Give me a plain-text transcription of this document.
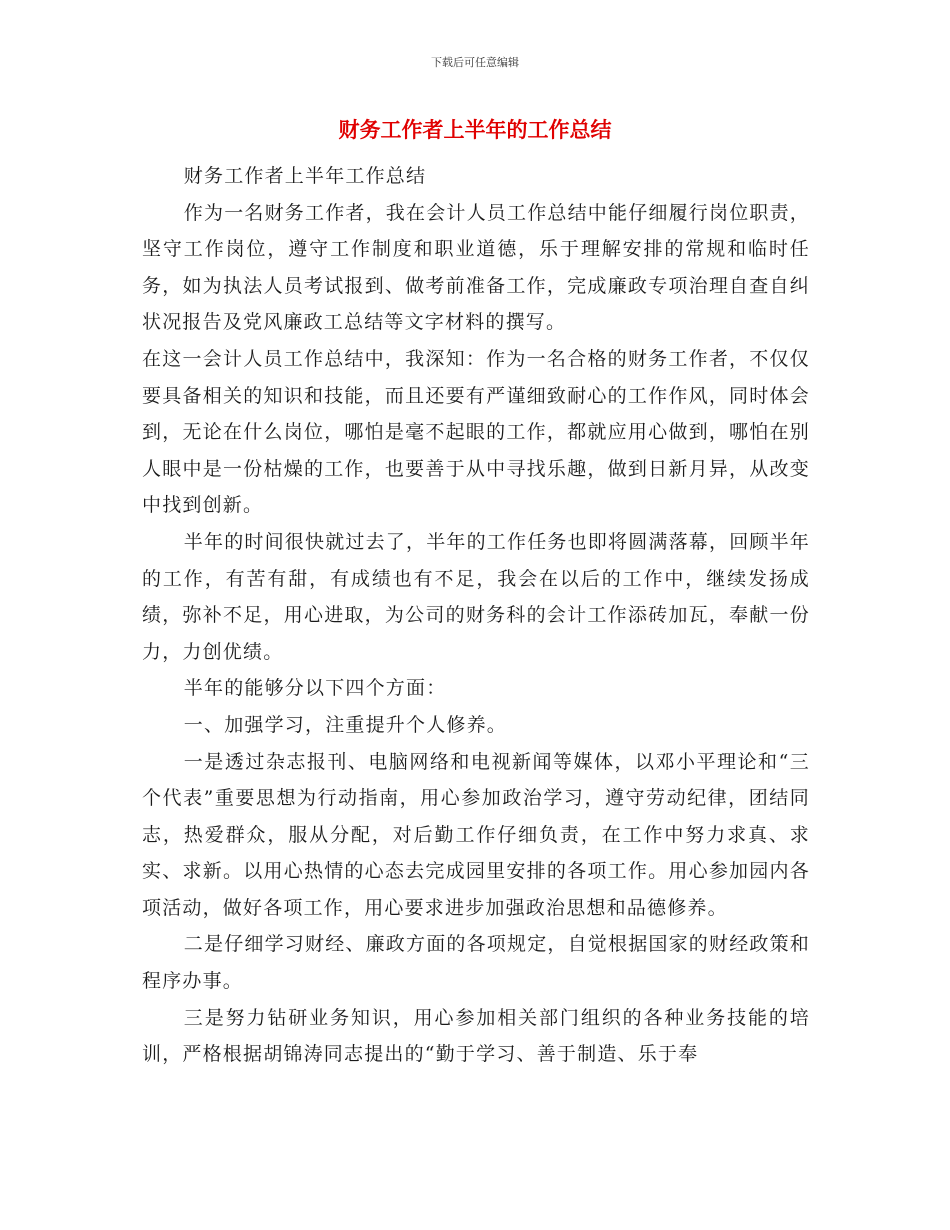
下载后可任意编辑
财务工作者上半年的工作总结

财务工作者上半年工作总结

作为一名财务工作者，我在会计人员工作总结中能仔细履行岗位职责，坚守工作岗位，遵守工作制度和职业道德，乐于理解安排的常规和临时任务，如为执法人员考试报到、做考前准备工作，完成廉政专项治理自查自纠状况报告及党风廉政工总结等文字材料的撰写。

在这一会计人员工作总结中，我深知：作为一名合格的财务工作者，不仅仅要具备相关的知识和技能，而且还要有严谨细致耐心的工作作风，同时体会到，无论在什么岗位，哪怕是毫不起眼的工作，都就应用心做到，哪怕在别人眼中是一份枯燥的工作，也要善于从中寻找乐趣，做到日新月异，从改变中找到创新。

半年的时间很快就过去了，半年的工作任务也即将圆满落幕，回顾半年的工作，有苦有甜，有成绩也有不足，我会在以后的工作中，继续发扬成绩，弥补不足，用心进取，为公司的财务科的会计工作添砖加瓦，奉献一份力，力创优绩。

半年的能够分以下四个方面：

一、加强学习，注重提升个人修养。

一是透过杂志报刊、电脑网络和电视新闻等媒体，以邓小平理论和“三个代表”重要思想为行动指南，用心参加政治学习，遵守劳动纪律，团结同志，热爱群众，服从分配，对后勤工作仔细负责，在工作中努力求真、求实、求新。以用心热情的心态去完成园里安排的各项工作。用心参加园内各项活动，做好各项工作，用心要求进步加强政治思想和品德修养。

二是仔细学习财经、廉政方面的各项规定，自觉根据国家的财经政策和程序办事。

三是努力钻研业务知识，用心参加相关部门组织的各种业务技能的培训，严格根据胡锦涛同志提出的“勤于学习、善于制造、乐于奉
